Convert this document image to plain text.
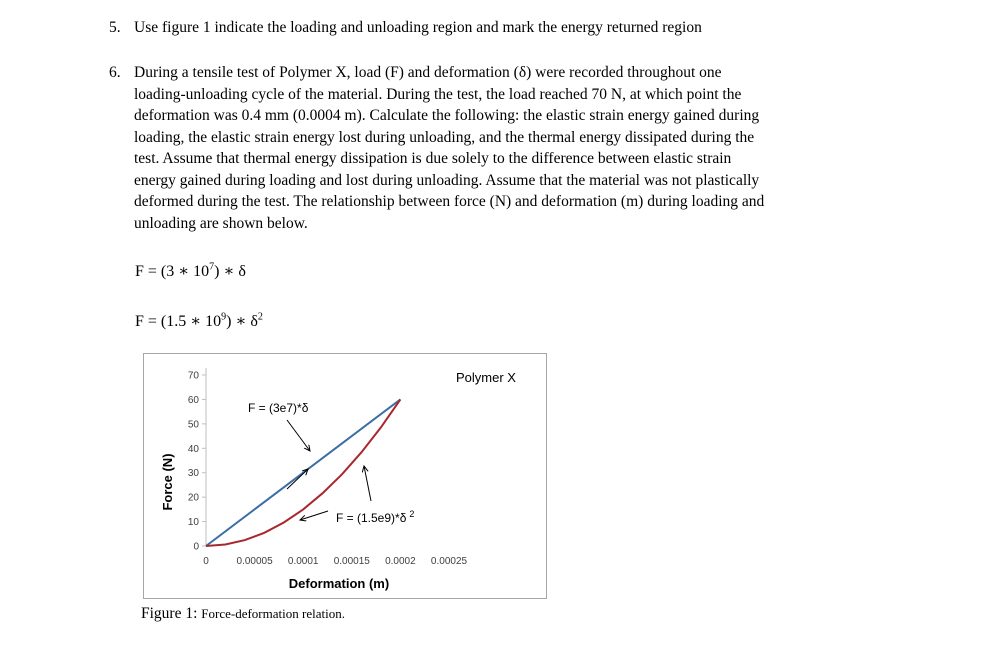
5. Use figure 1 indicate the loading and unloading region and mark the energy returned region
6. During a tensile test of Polymer X, load (F) and deformation (δ) were recorded throughout one
loading-unloading cycle of the material. During the test, the load reached 70 N, at which point the
deformation was 0.4 mm (0.0004 m). Calculate the following: the elastic strain energy gained during
loading, the elastic strain energy lost during unloading, and the thermal energy dissipated during the
test. Assume that thermal energy dissipation is due solely to the difference between elastic strain
energy gained during loading and lost during unloading. Assume that the material was not plastically
deformed during the test. The relationship between force (N) and deformation (m) during loading and
unloading are shown below.
F = (3 ∗ $10^7$) ∗ δ
F = (1.5 ∗ $10^9$) ∗ $\delta^2$
0
10
20
30
40
50
60
70
0	0.00005 0.0001 0.00015 0.0002 0.00025
Polymer X
Deformation (m)
Force (N)
F = (3e7)*δ
F = (1.5e9)*δ $^2$
Figure 1: Force-deformation relation.
